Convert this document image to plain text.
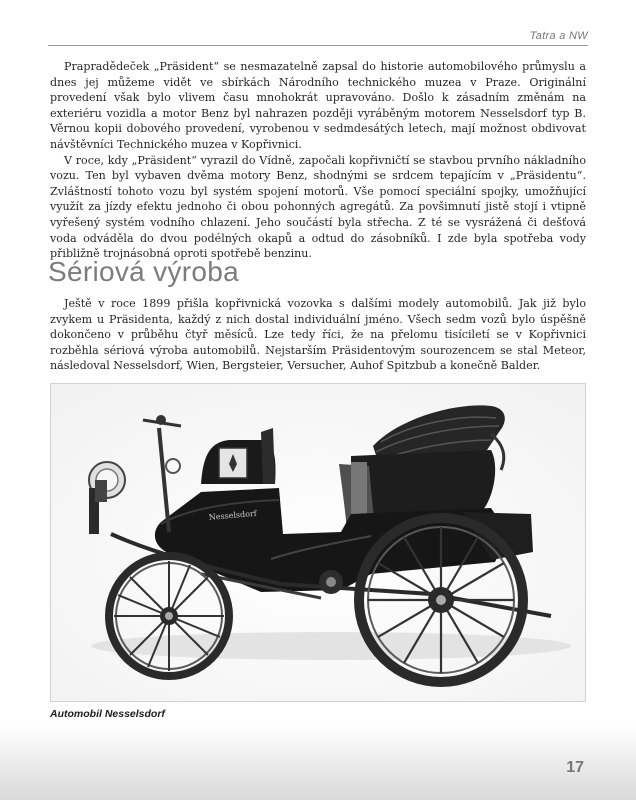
Tatra a NW

Prapradědeček „Präsident“ se nesmazatelně zapsal do historie automobilového průmyslu a dnes jej můžeme vidět ve sbírkách Národního technického muzea v Praze. Originální provedení však bylo vlivem času mnohokrát upravováno. Došlo k zásadním změnám na exteriéru vozidla a motor Benz byl nahrazen později vyráběným motorem Nesselsdorf typ B. Věrnou kopii dobového provedení, vyrobenou v sedmdesátých letech, mají možnost obdivovat návštěvníci Technického muzea v Kopřivnici.

V roce, kdy „Präsident“ vyrazil do Vídně, započali kopřivničtí se stavbou prvního nákladního vozu. Ten byl vybaven dvěma motory Benz, shodnými se srdcem tepajícím v „Präsidentu“. Zvláštností tohoto vozu byl systém spojení motorů. Vše pomocí speciální spojky, umožňující využít za jízdy efektu jednoho či obou pohonných agregátů. Za povšimnutí jistě stojí i vtipně vyřešený systém vodního chlazení. Jeho součástí byla střecha. Z té se vysrážená či dešťová voda odváděla do dvou podélných okapů a odtud do zásobníků. I zde byla spotřeba vody přibližně trojnásobná oproti spotřebě benzinu.

Sériová výroba

Ještě v roce 1899 přišla kopřivnická vozovka s dalšími modely automobilů. Jak již bylo zvykem u Präsidenta, každý z nich dostal individuální jméno. Všech sedm vozů bylo úspěšně dokončeno v průběhu čtyř měsíců. Lze tedy říci, že na přelomu tisíciletí se v Kopřivnici rozběhla sériová výroba automobilů. Nejstarším Präsidentovým sourozencem se stal Meteor, následoval Nesselsdorf, Wien, Bergsteier, Versucher, Auhof Spitzbub a konečně Balder.

Nesselsdorf
Automobil Nesselsdorf
17
